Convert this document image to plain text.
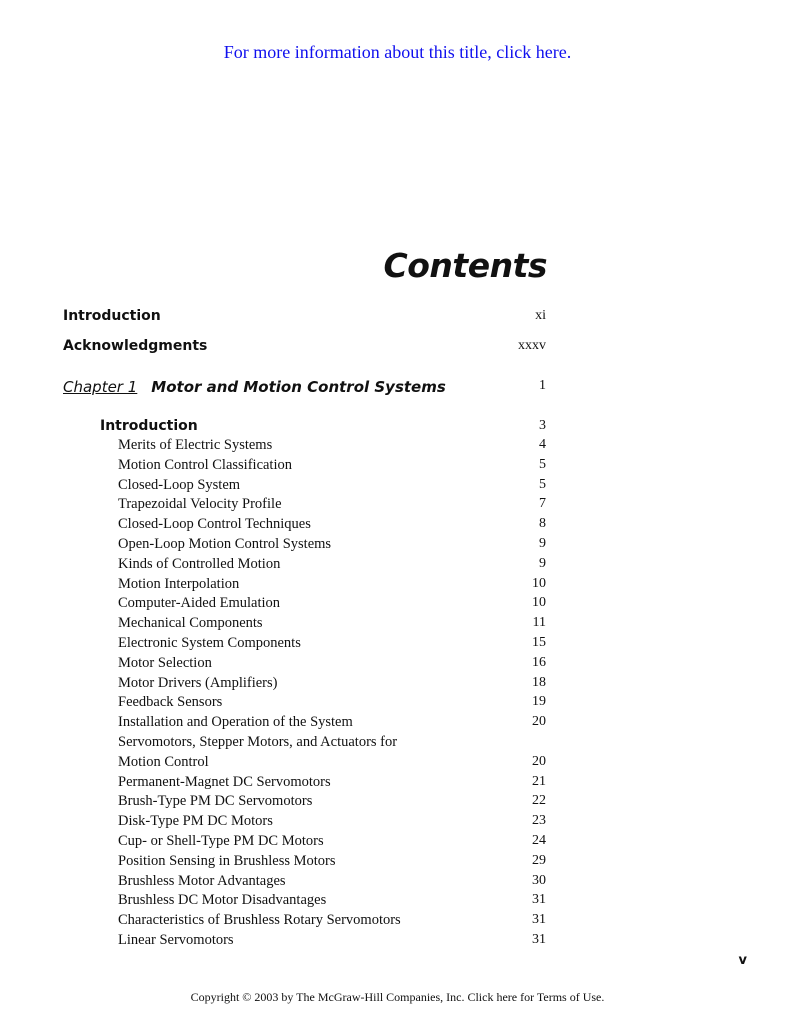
For more information about this title, click here.
Contents
Introduction	xi
Acknowledgments	xxxv
Chapter 1 Motor and Motion Control Systems	1
Introduction	3
Merits of Electric Systems	4
Motion Control Classification	5
Closed-Loop System	5
Trapezoidal Velocity Profile	7
Closed-Loop Control Techniques	8
Open-Loop Motion Control Systems	9
Kinds of Controlled Motion	9
Motion Interpolation	10
Computer-Aided Emulation	10
Mechanical Components	11
Electronic System Components	15
Motor Selection	16
Motor Drivers (Amplifiers)	18
Feedback Sensors	19
Installation and Operation of the System	20
Servomotors, Stepper Motors, and Actuators for
Motion Control	20
Permanent-Magnet DC Servomotors	21
Brush-Type PM DC Servomotors	22
Disk-Type PM DC Motors	23
Cup- or Shell-Type PM DC Motors	24
Position Sensing in Brushless Motors	29
Brushless Motor Advantages	30
Brushless DC Motor Disadvantages	31
Characteristics of Brushless Rotary Servomotors	31
Linear Servomotors	31
v
Copyright © 2003 by The McGraw-Hill Companies, Inc. Click here for Terms of Use.
